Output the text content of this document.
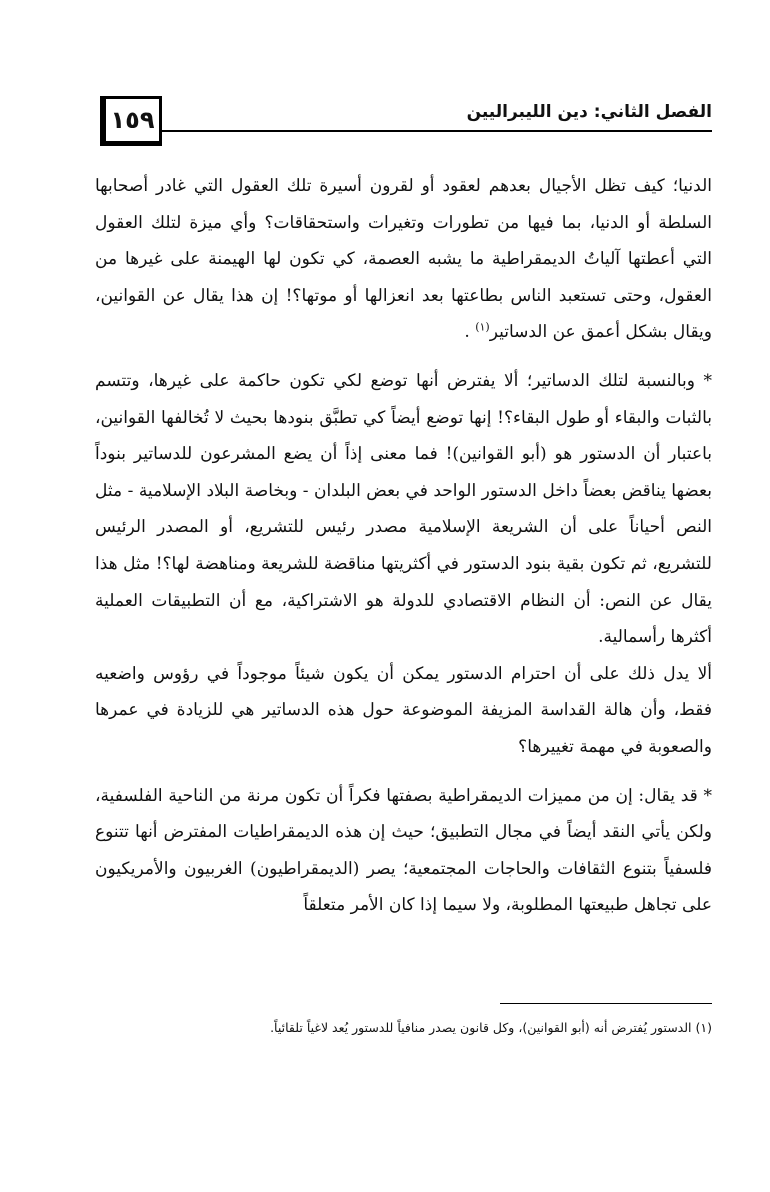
١٥٩	الفصل الثاني: دين الليبراليين

الدنيا؛ كيف تظل الأجيال بعدهم لعقود أو لقرون أسيرة تلك العقول التي غادر أصحابها السلطة أو الدنيا، بما فيها من تطورات وتغيرات واستحقاقات؟ وأي ميزة لتلك العقول التي أعطتها آلياتُ الديمقراطية ما يشبه العصمة، كي تكون لها الهيمنة على غيرها من العقول، وحتى تستعبد الناس بطاعتها بعد انعزالها أو موتها؟! إن هذا يقال عن القوانين، ويقال بشكل أعمق عن الدساتير$^{(١)}$ .

* وبالنسبة لتلك الدساتير؛ ألا يفترض أنها توضع لكي تكون حاكمة على غيرها، وتتسم بالثبات والبقاء أو طول البقاء؟! إنها توضع أيضاً كي تطبَّق بنودها بحيث لا تُخالفها القوانين، باعتبار أن الدستور هو (أبو القوانين)! فما معنى إذاً أن يضع المشرعون للدساتير بنوداً بعضها يناقض بعضاً داخل الدستور الواحد في بعض البلدان - وبخاصة البلاد الإسلامية - مثل النص أحياناً على أن الشريعة الإسلامية مصدر رئيس للتشريع، أو المصدر الرئيس للتشريع، ثم تكون بقية بنود الدستور في أكثريتها مناقضة للشريعة ومناهضة لها؟! مثل هذا يقال عن النص: أن النظام الاقتصادي للدولة هو الاشتراكية، مع أن التطبيقات العملية أكثرها رأسمالية.

ألا يدل ذلك على أن احترام الدستور يمكن أن يكون شيئاً موجوداً في رؤوس واضعيه فقط، وأن هالة القداسة المزيفة الموضوعة حول هذه الدساتير هي للزيادة في عمرها والصعوبة في مهمة تغييرها؟

* قد يقال: إن من مميزات الديمقراطية بصفتها فكراً أن تكون مرنة من الناحية الفلسفية، ولكن يأتي النقد أيضاً في مجال التطبيق؛ حيث إن هذه الديمقراطيات المفترض أنها تتنوع فلسفياً بتنوع الثقافات والحاجات المجتمعية؛ يصر (الديمقراطيون) الغربيون والأمريكيون على تجاهل طبيعتها المطلوبة، ولا سيما إذا كان الأمر متعلقاً

(١) الدستور يُفترض أنه (أبو القوانين)، وكل قانون يصدر منافياً للدستور يُعد لاغياً تلقائياً.
